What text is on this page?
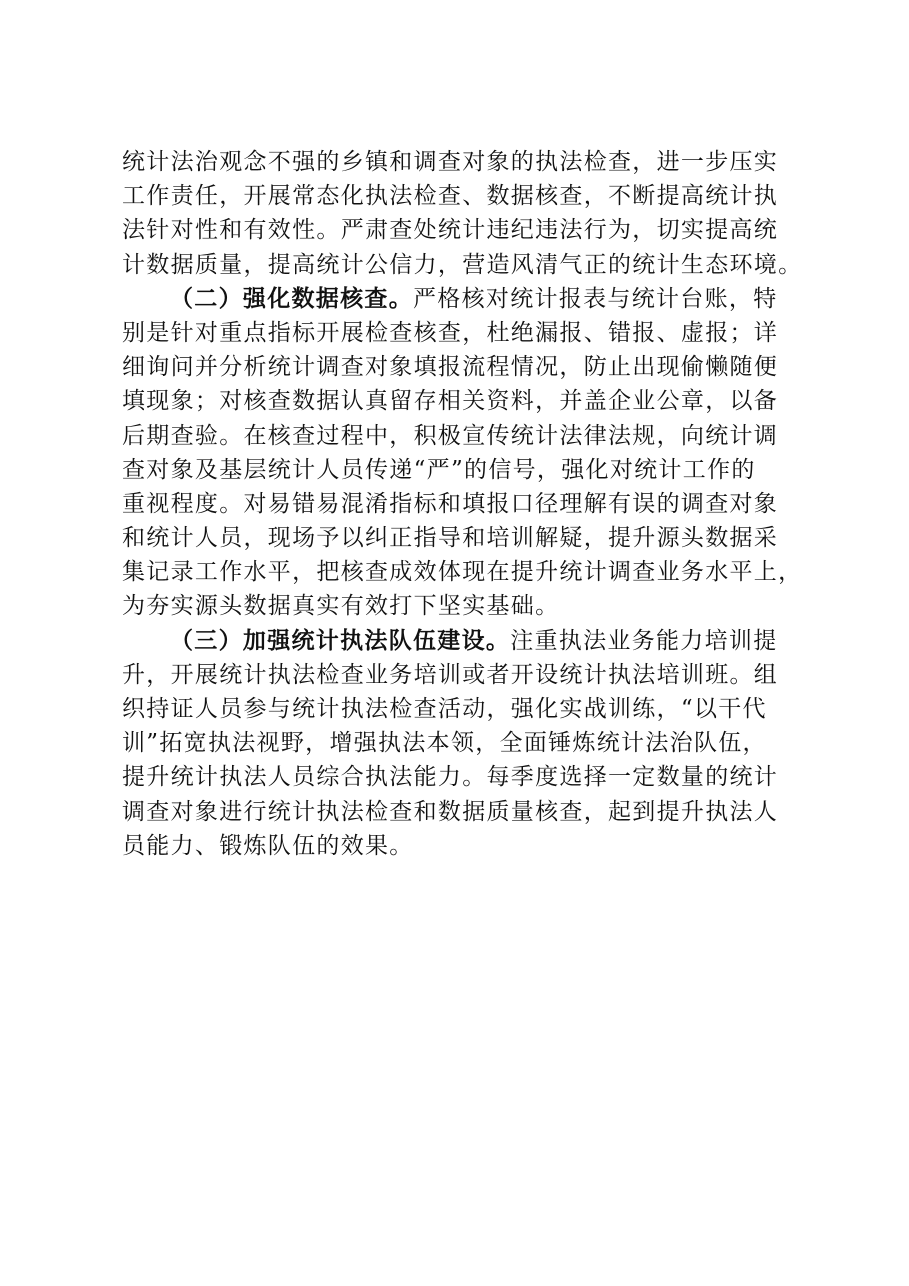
统计法治观念不强的乡镇和调查对象的执法检查，进一步压实
工作责任，开展常态化执法检查、数据核查，不断提高统计执
法针对性和有效性。严肃查处统计违纪违法行为，切实提高统
计数据质量，提高统计公信力，营造风清气正的统计生态环境。
（二）强化数据核查。严格核对统计报表与统计台账，特
别是针对重点指标开展检查核查，杜绝漏报、错报、虚报；详
细询问并分析统计调查对象填报流程情况，防止出现偷懒随便
填现象；对核查数据认真留存相关资料，并盖企业公章，以备
后期查验。在核查过程中，积极宣传统计法律法规，向统计调
查对象及基层统计人员传递“严”的信号，强化对统计工作的
重视程度。对易错易混淆指标和填报口径理解有误的调查对象
和统计人员，现场予以纠正指导和培训解疑，提升源头数据采
集记录工作水平，把核查成效体现在提升统计调查业务水平上，
为夯实源头数据真实有效打下坚实基础。
（三）加强统计执法队伍建设。注重执法业务能力培训提
升，开展统计执法检查业务培训或者开设统计执法培训班。组
织持证人员参与统计执法检查活动，强化实战训练，“以干代
训”拓宽执法视野，增强执法本领，全面锤炼统计法治队伍，
提升统计执法人员综合执法能力。每季度选择一定数量的统计
调查对象进行统计执法检查和数据质量核查，起到提升执法人
员能力、锻炼队伍的效果。
